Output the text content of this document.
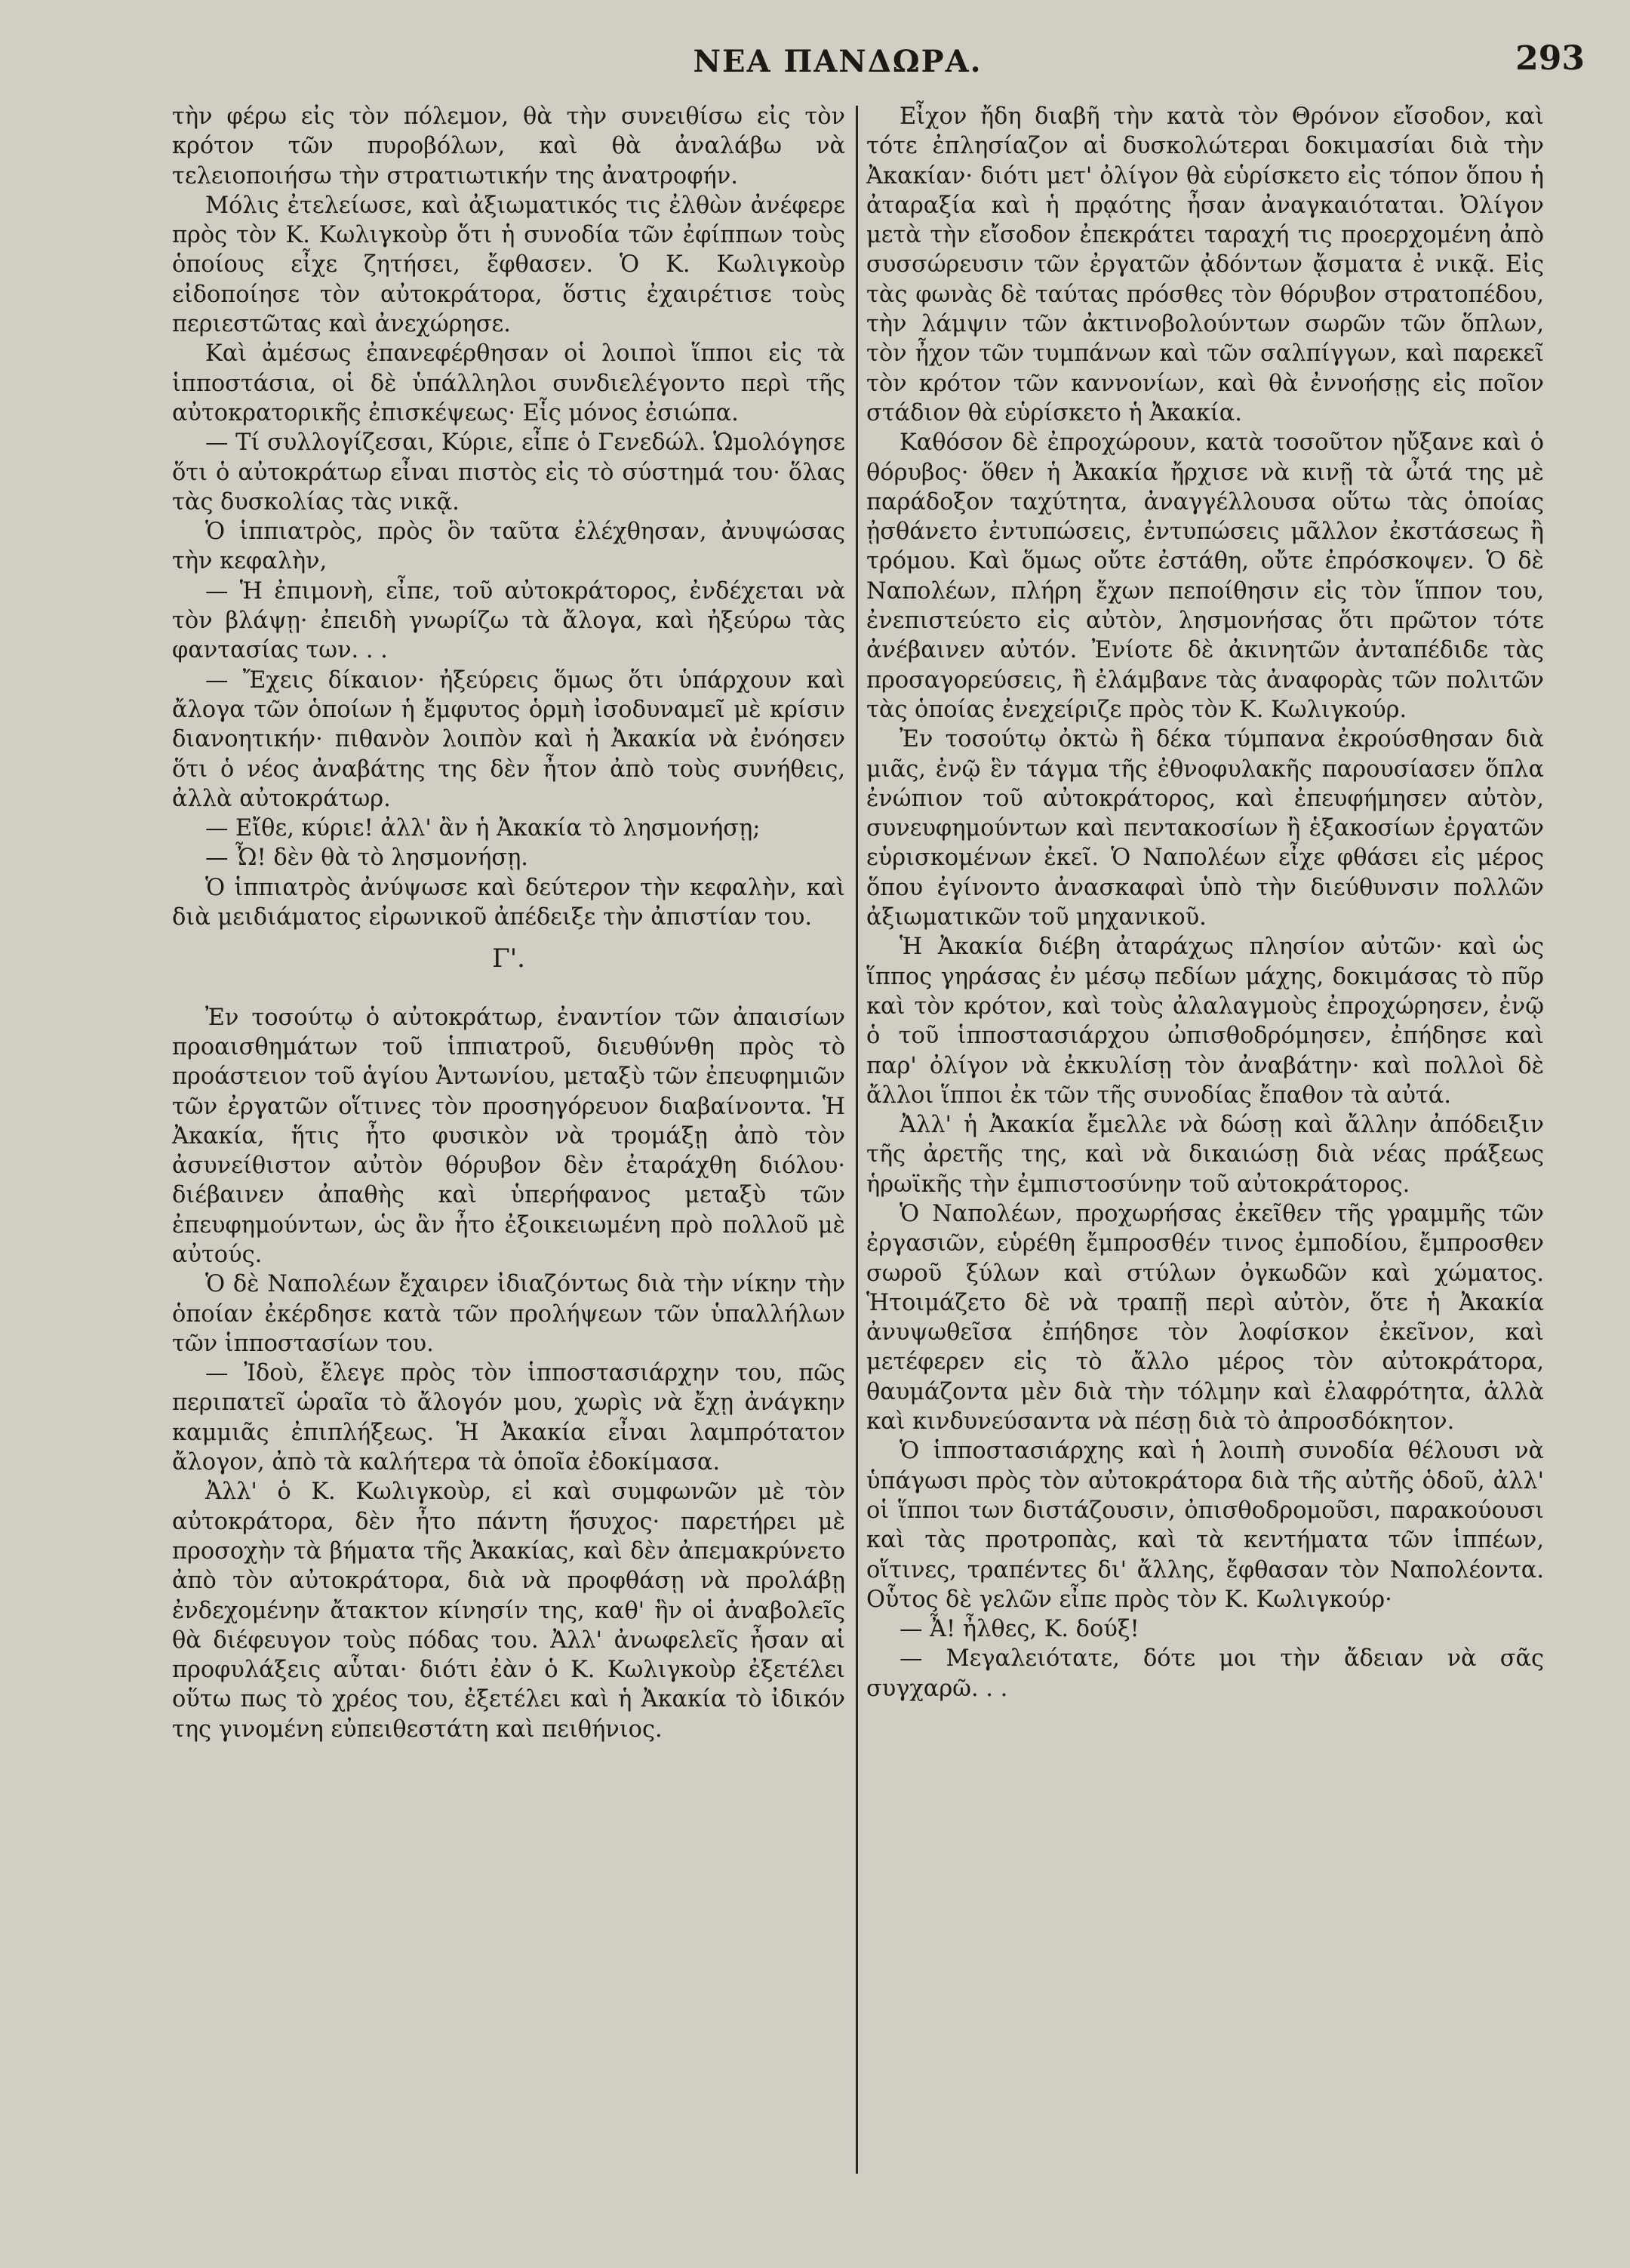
ΝΕΑ ΠΑΝΔΩΡΑ.	293

τὴν φέρω εἰς τὸν πόλεμον, θὰ τὴν συνειθίσω εἰς τὸν κρότον τῶν πυροβόλων, καὶ θὰ ἀναλάβω νὰ τελειοποιήσω τὴν στρατιωτικήν της ἀνατροφήν.

Μόλις ἐτελείωσε, καὶ ἀξιωματικός τις ἐλθὼν ἀνέφερε πρὸς τὸν Κ. Κωλιγκοὺρ ὅτι ἡ συνοδία τῶν ἐφίππων τοὺς ὁποίους εἶχε ζητήσει, ἔφθασεν. Ὁ Κ. Κωλιγκοὺρ εἰδοποίησε τὸν αὐτοκράτορα, ὅστις ἐχαιρέτισε τοὺς περιεστῶτας καὶ ἀνεχώρησε.

Καὶ ἀμέσως ἐπανεφέρθησαν οἱ λοιποὶ ἵπποι εἰς τὰ ἱπποστάσια, οἱ δὲ ὑπάλληλοι συνδιελέγοντο περὶ τῆς αὐτοκρατορικῆς ἐπισκέψεως· Εἷς μόνος ἐσιώπα.

— Τί συλλογίζεσαι, Κύριε, εἶπε ὁ Γενεδώλ. Ὡμολόγησε ὅτι ὁ αὐτοκράτωρ εἶναι πιστὸς εἰς τὸ σύστημά του· ὅλας τὰς δυσκολίας τὰς νικᾷ.

Ὁ ἱππιατρὸς, πρὸς ὃν ταῦτα ἐλέχθησαν, ἀνυψώσας τὴν κεφαλὴν,

— Ἡ ἐπιμονὴ, εἶπε, τοῦ αὐτοκράτορος, ἐνδέχεται νὰ τὸν βλάψῃ· ἐπειδὴ γνωρίζω τὰ ἄλογα, καὶ ἠξεύρω τὰς φαντασίας των. . .

— Ἔχεις δίκαιον· ἠξεύρεις ὅμως ὅτι ὑπάρχουν καὶ ἄλογα τῶν ὁποίων ἡ ἔμφυτος ὁρμὴ ἰσοδυναμεῖ μὲ κρίσιν διανοητικήν· πιθανὸν λοιπὸν καὶ ἡ Ἀκακία νὰ ἐνόησεν ὅτι ὁ νέος ἀναβάτης της δὲν ἦτον ἀπὸ τοὺς συνήθεις, ἀλλὰ αὐτοκράτωρ.

— Εἴθε, κύριε! ἀλλ' ἂν ἡ Ἀκακία τὸ λησμονήσῃ;

— Ὦ! δὲν θὰ τὸ λησμονήσῃ.

Ὁ ἱππιατρὸς ἀνύψωσε καὶ δεύτερον τὴν κεφαλὴν, καὶ διὰ μειδιάματος εἰρωνικοῦ ἀπέδειξε τὴν ἀπιστίαν του.

Γ'.

Ἐν τοσούτῳ ὁ αὐτοκράτωρ, ἐναντίον τῶν ἀπαισίων προαισθημάτων τοῦ ἱππιατροῦ, διευθύνθη πρὸς τὸ προάστειον τοῦ ἁγίου Ἀντωνίου, μεταξὺ τῶν ἐπευφημιῶν τῶν ἐργατῶν οἵτινες τὸν προσηγόρευον διαβαίνοντα. Ἡ Ἀκακία, ἥτις ἦτο φυσικὸν νὰ τρομάξῃ ἀπὸ τὸν ἀσυνείθιστον αὐτὸν θόρυβον δὲν ἐταράχθη διόλου· διέβαινεν ἀπαθὴς καὶ ὑπερήφανος μεταξὺ τῶν ἐπευφημούντων, ὡς ἂν ἦτο ἐξοικειωμένη πρὸ πολλοῦ μὲ αὐτούς.

Ὁ δὲ Ναπολέων ἔχαιρεν ἰδιαζόντως διὰ τὴν νίκην τὴν ὁποίαν ἐκέρδησε κατὰ τῶν προλήψεων τῶν ὑπαλλήλων τῶν ἱπποστασίων του.

— Ἰδοὺ, ἔλεγε πρὸς τὸν ἱπποστασιάρχην του, πῶς περιπατεῖ ὡραῖα τὸ ἄλογόν μου, χωρὶς νὰ ἔχῃ ἀνάγκην καμμιᾶς ἐπιπλήξεως. Ἡ Ἀκακία εἶναι λαμπρότατον ἄλογον, ἀπὸ τὰ καλήτερα τὰ ὁποῖα ἐδοκίμασα.

Ἀλλ' ὁ Κ. Κωλιγκοὺρ, εἰ καὶ συμφωνῶν μὲ τὸν αὐτοκράτορα, δὲν ἦτο πάντη ἥσυχος· παρετήρει μὲ προσοχὴν τὰ βήματα τῆς Ἀκακίας, καὶ δὲν ἀπεμακρύνετο ἀπὸ τὸν αὐτοκράτορα, διὰ νὰ προφθάσῃ νὰ προλάβῃ ἐνδεχομένην ἄτακτον κίνησίν της, καθ' ἣν οἱ ἀναβολεῖς θὰ διέφευγον τοὺς πόδας του. Ἀλλ' ἀνωφελεῖς ἦσαν αἱ προφυλάξεις αὗται· διότι ἐὰν ὁ Κ. Κωλιγκοὺρ ἐξετέλει οὕτω πως τὸ χρέος του, ἐξετέλει καὶ ἡ Ἀκακία τὸ ἰδικόν της γινομένη εὐπειθεστάτη καὶ πειθήνιος.

Εἶχον ἤδη διαβῆ τὴν κατὰ τὸν Θρόνον εἴσοδον, καὶ τότε ἐπλησίαζον αἱ δυσκολώτεραι δοκιμασίαι διὰ τὴν Ἀκακίαν· διότι μετ' ὀλίγον θὰ εὑρίσκετο εἰς τόπον ὅπου ἡ ἀταραξία καὶ ἡ πρᾳότης ἦσαν ἀναγκαιόταται. Ὀλίγον μετὰ τὴν εἴσοδον ἐπεκράτει ταραχή τις προερχομένη ἀπὸ συσσώρευσιν τῶν ἐργατῶν ᾀδόντων ᾄσματα ἐ νικᾷ. Εἰς τὰς φωνὰς δὲ ταύτας πρόσθες τὸν θόρυβον στρατοπέδου, τὴν λάμψιν τῶν ἀκτινοβολούντων σωρῶν τῶν ὅπλων, τὸν ἦχον τῶν τυμπάνων καὶ τῶν σαλπίγγων, καὶ παρεκεῖ τὸν κρότον τῶν καννονίων, καὶ θὰ ἐννοήσῃς εἰς ποῖον στάδιον θὰ εὑρίσκετο ἡ Ἀκακία.

Καθόσον δὲ ἐπροχώρουν, κατὰ τοσοῦτον ηὔξανε καὶ ὁ θόρυβος· ὅθεν ἡ Ἀκακία ἤρχισε νὰ κινῇ τὰ ὦτά της μὲ παράδοξον ταχύτητα, ἀναγγέλλουσα οὕτω τὰς ὁποίας ᾐσθάνετο ἐντυπώσεις, ἐντυπώσεις μᾶλλον ἐκστάσεως ἢ τρόμου. Καὶ ὅμως οὔτε ἐστάθη, οὔτε ἐπρόσκοψεν. Ὁ δὲ Ναπολέων, πλήρη ἔχων πεποίθησιν εἰς τὸν ἵππον του, ἐνεπιστεύετο εἰς αὐτὸν, λησμονήσας ὅτι πρῶτον τότε ἀνέβαινεν αὐτόν. Ἐνίοτε δὲ ἀκινητῶν ἀνταπέδιδε τὰς προσαγορεύσεις, ἢ ἐλάμβανε τὰς ἀναφορὰς τῶν πολιτῶν τὰς ὁποίας ἐνεχείριζε πρὸς τὸν Κ. Κωλιγκούρ.

Ἐν τοσούτῳ ὀκτὼ ἢ δέκα τύμπανα ἐκρούσθησαν διὰ μιᾶς, ἐνῷ ἓν τάγμα τῆς ἐθνοφυλακῆς παρουσίασεν ὅπλα ἐνώπιον τοῦ αὐτοκράτορος, καὶ ἐπευφήμησεν αὐτὸν, συνευφημούντων καὶ πεντακοσίων ἢ ἑξακοσίων ἐργατῶν εὑρισκομένων ἐκεῖ. Ὁ Ναπολέων εἶχε φθάσει εἰς μέρος ὅπου ἐγίνοντο ἀνασκαφαὶ ὑπὸ τὴν διεύθυνσιν πολλῶν ἀξιωματικῶν τοῦ μηχανικοῦ.

Ἡ Ἀκακία διέβη ἀταράχως πλησίον αὐτῶν· καὶ ὡς ἵππος γηράσας ἐν μέσῳ πεδίων μάχης, δοκιμάσας τὸ πῦρ καὶ τὸν κρότον, καὶ τοὺς ἀλαλαγμοὺς ἐπροχώρησεν, ἐνῷ ὁ τοῦ ἱπποστασιάρχου ὠπισθοδρόμησεν, ἐπήδησε καὶ παρ' ὀλίγον νὰ ἐκκυλίσῃ τὸν ἀναβάτην· καὶ πολλοὶ δὲ ἄλλοι ἵπποι ἐκ τῶν τῆς συνοδίας ἔπαθον τὰ αὐτά.

Ἀλλ' ἡ Ἀκακία ἔμελλε νὰ δώσῃ καὶ ἄλλην ἀπόδειξιν τῆς ἀρετῆς της, καὶ νὰ δικαιώσῃ διὰ νέας πράξεως ἡρωϊκῆς τὴν ἐμπιστοσύνην τοῦ αὐτοκράτορος.

Ὁ Ναπολέων, προχωρήσας ἐκεῖθεν τῆς γραμμῆς τῶν ἐργασιῶν, εὑρέθη ἔμπροσθέν τινος ἐμποδίου, ἔμπροσθεν σωροῦ ξύλων καὶ στύλων ὀγκωδῶν καὶ χώματος. Ἡτοιμάζετο δὲ νὰ τραπῇ περὶ αὐτὸν, ὅτε ἡ Ἀκακία ἀνυψωθεῖσα ἐπήδησε τὸν λοφίσκον ἐκεῖνον, καὶ μετέφερεν εἰς τὸ ἄλλο μέρος τὸν αὐτοκράτορα, θαυμάζοντα μὲν διὰ τὴν τόλμην καὶ ἐλαφρότητα, ἀλλὰ καὶ κινδυνεύσαντα νὰ πέσῃ διὰ τὸ ἀπροσδόκητον.

Ὁ ἱπποστασιάρχης καὶ ἡ λοιπὴ συνοδία θέλουσι νὰ ὑπάγωσι πρὸς τὸν αὐτοκράτορα διὰ τῆς αὐτῆς ὁδοῦ, ἀλλ' οἱ ἵπποι των διστάζουσιν, ὀπισθοδρομοῦσι, παρακούουσι καὶ τὰς προτροπὰς, καὶ τὰ κεντήματα τῶν ἱππέων, οἵτινες, τραπέντες δι' ἄλλης, ἔφθασαν τὸν Ναπολέοντα. Οὗτος δὲ γελῶν εἶπε πρὸς τὸν Κ. Κωλιγκούρ·

— Ἆ! ἦλθες, Κ. δούξ!

— Μεγαλειότατε, δότε μοι τὴν ἄδειαν νὰ σᾶς συγχαρῶ. . .
